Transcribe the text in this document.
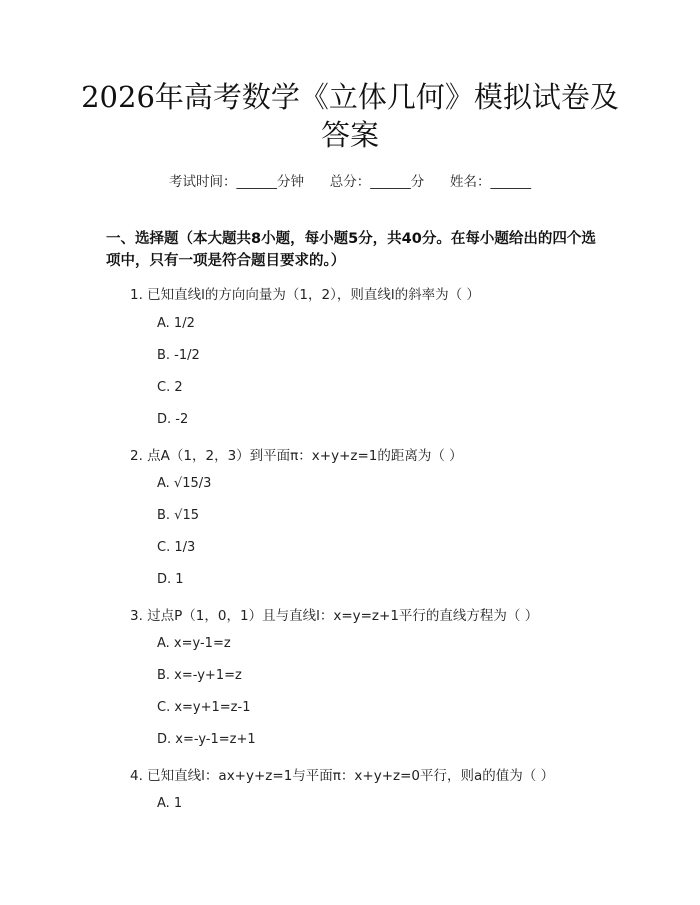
2026年高考数学《立体几何》模拟试卷及答案
考试时间：______分钟      总分：______分      姓名：______
一、选择题（本大题共8小题，每小题5分，共40分。在每小题给出的四个选项中，只有一项是符合题目要求的。）
1. 已知直线l的方向向量为（1，2），则直线l的斜率为（ ）
A. 1/2
B. -1/2
C. 2
D. -2
2. 点A（1，2，3）到平面π：x+y+z=1的距离为（ ）
A. √15/3
B. √15
C. 1/3
D. 1
3. 过点P（1，0，1）且与直线l：x=y=z+1平行的直线方程为（ ）
A. x=y-1=z
B. x=-y+1=z
C. x=y+1=z-1
D. x=-y-1=z+1
4. 已知直线l：ax+y+z=1与平面π：x+y+z=0平行，则a的值为（ ）
A. 1
